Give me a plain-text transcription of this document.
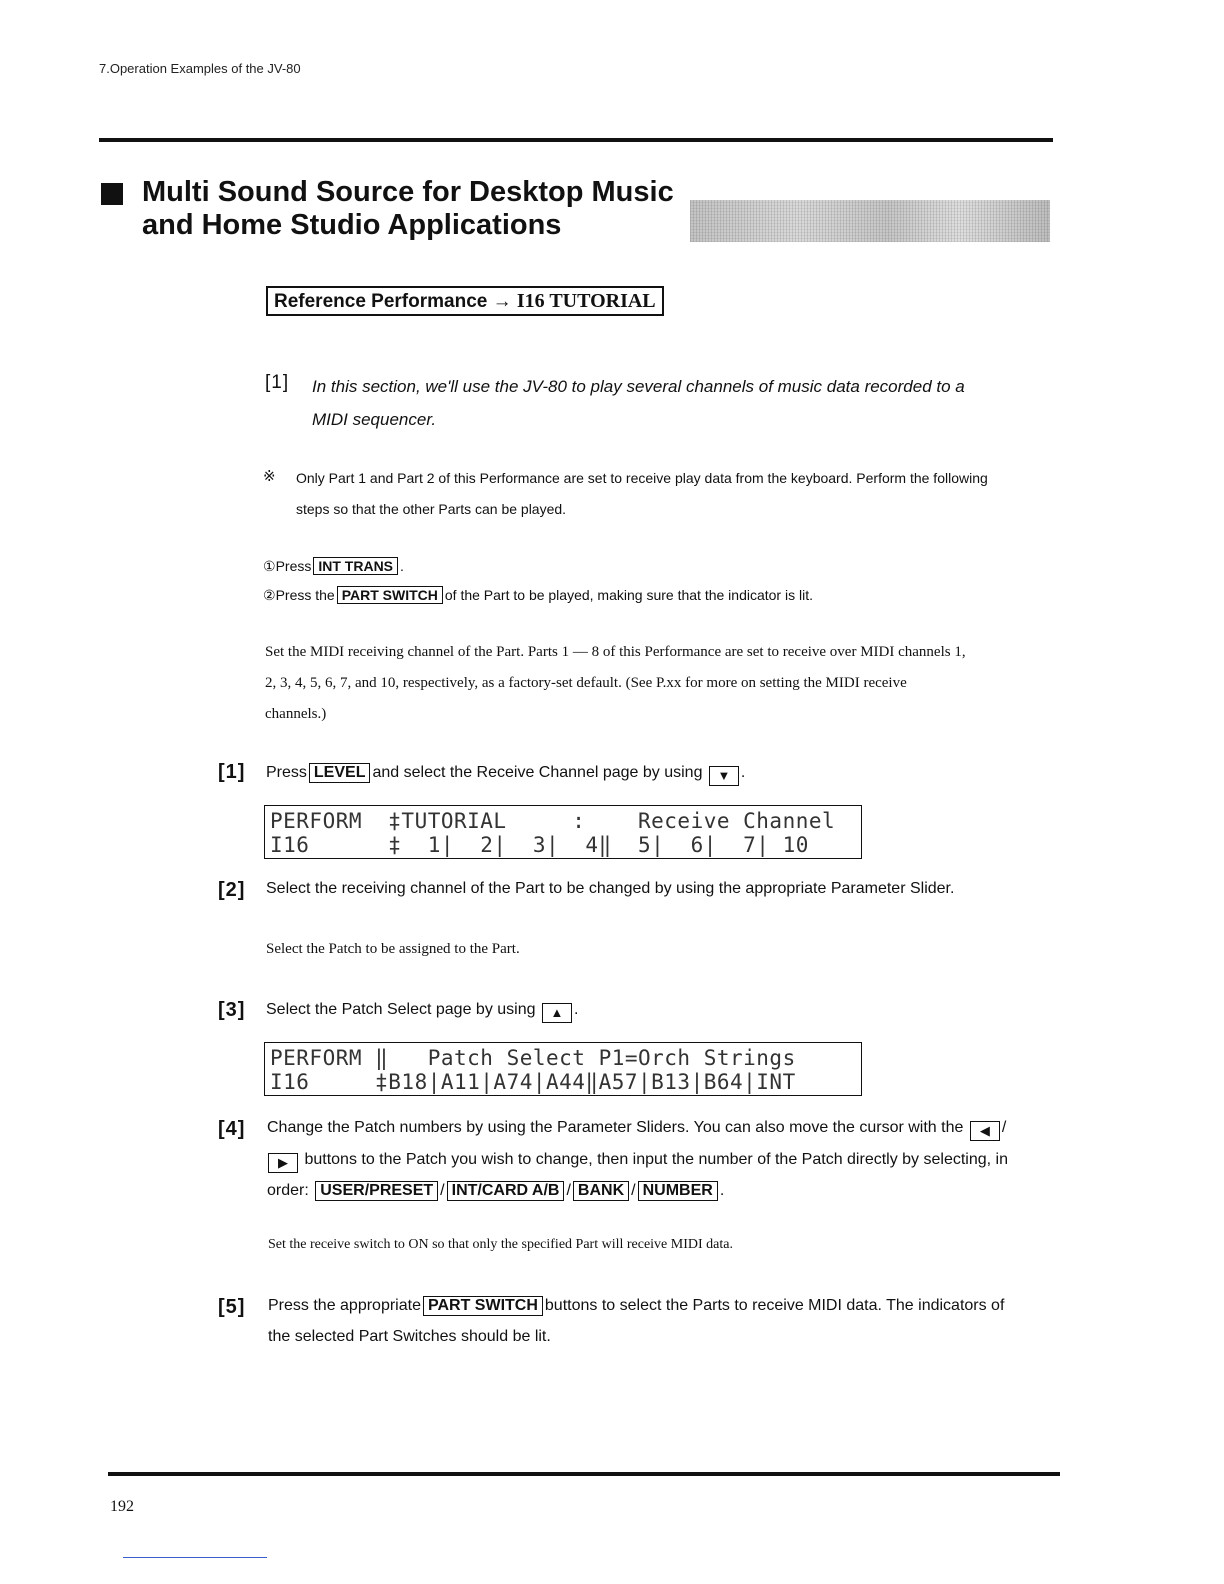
7.Operation Examples of the JV-80
Multi Sound Source for Desktop Music
and Home Studio Applications
Reference Performance → I16 TUTORIAL
[1] In this section, we'll use the JV-80 to play several channels of music data recorded to a
MIDI sequencer.
※ Only Part 1 and Part 2 of this Performance are set to receive play data from the keyboard. Perform the following
steps so that the other Parts can be played.
①Press INT TRANS .
②Press the PART SWITCH of the Part to be played, making sure that the indicator is lit.
Set the MIDI receiving channel of the Part. Parts 1 — 8 of this Performance are set to receive over MIDI channels 1,
2, 3, 4, 5, 6, 7, and 10, respectively, as a factory-set default. (See P.xx for more on setting the MIDI receive
channels.)
[1] Press LEVEL and select the Receive Channel page by using ▼ .
PERFORM  ‡TUTORIAL     :    Receive Channel
I16      ‡  1|  2|  3|  4‖  5|  6|  7| 10
[2] Select the receiving channel of the Part to be changed by using the appropriate Parameter Slider.
Select the Patch to be assigned to the Part.
[3] Select the Patch Select page by using ▲ .
PERFORM ‖   Patch Select P1=Orch Strings
I16     ‡B18|A11|A74|A44‖A57|B13|B64|INT
[4] Change the Patch numbers by using the Parameter Sliders. You can also move the cursor with the ◀ /
▶ buttons to the Patch you wish to change, then input the number of the Patch directly by selecting, in
order: USER/PRESET / INT/CARD A/B / BANK / NUMBER .
Set the receive switch to ON so that only the specified Part will receive MIDI data.
[5] Press the appropriate PART SWITCH buttons to select the Parts to receive MIDI data. The indicators of
the selected Part Switches should be lit.
192
